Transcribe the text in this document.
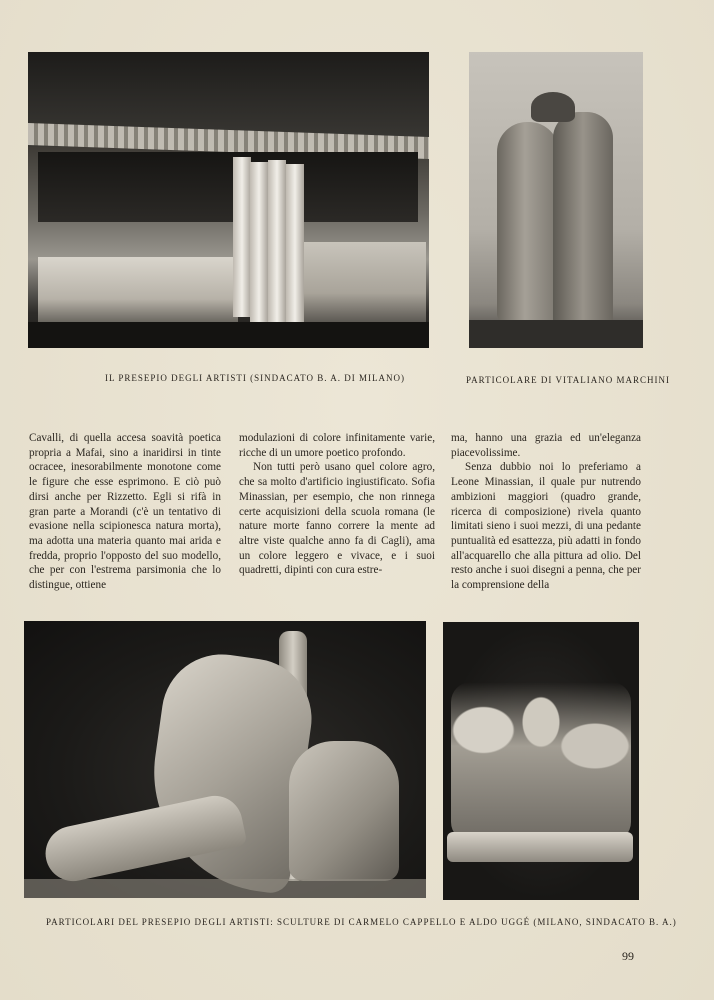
IL PRESEPIO DEGLI ARTISTI (SINDACATO B. A. DI MILANO)	PARTICOLARE DI VITALIANO MARCHINI

Cavalli, di quella accesa soavità poetica propria a Mafai, sino a inaridirsi in tinte ocracee, inesorabilmente monotone come le figure che esse esprimono. E ciò può dirsi anche per Rizzetto. Egli si rifà in gran parte a Morandi (c'è un tentativo di evasione nella scipionesca natura morta), ma adotta una materia quanto mai arida e fredda, proprio l'opposto del suo modello, che per con l'estrema parsimonia che lo distingue, ottiene

modulazioni di colore infinitamente varie, ricche di un umore poetico profondo.

Non tutti però usano quel colore agro, che sa molto d'artificio ingiustificato. Sofia Minassian, per esempio, che non rinnega certe acquisizioni della scuola romana (le nature morte fanno correre la mente ad altre viste qualche anno fa di Cagli), ama un colore leggero e vivace, e i suoi quadretti, dipinti con cura estre-

ma, hanno una grazia ed un'eleganza piacevolissime.

Senza dubbio noi lo preferiamo a Leone Minassian, il quale pur nutrendo ambizioni maggiori (quadro grande, ricerca di composizione) rivela quanto limitati sieno i suoi mezzi, di una pedante puntualità ed esattezza, più adatti in fondo all'acquarello che alla pittura ad olio. Del resto anche i suoi disegni a penna, che per la comprensione della

PARTICOLARI DEL PRESEPIO DEGLI ARTISTI: SCULTURE DI CARMELO CAPPELLO E ALDO UGGÉ (MILANO, SINDACATO B. A.)
99
